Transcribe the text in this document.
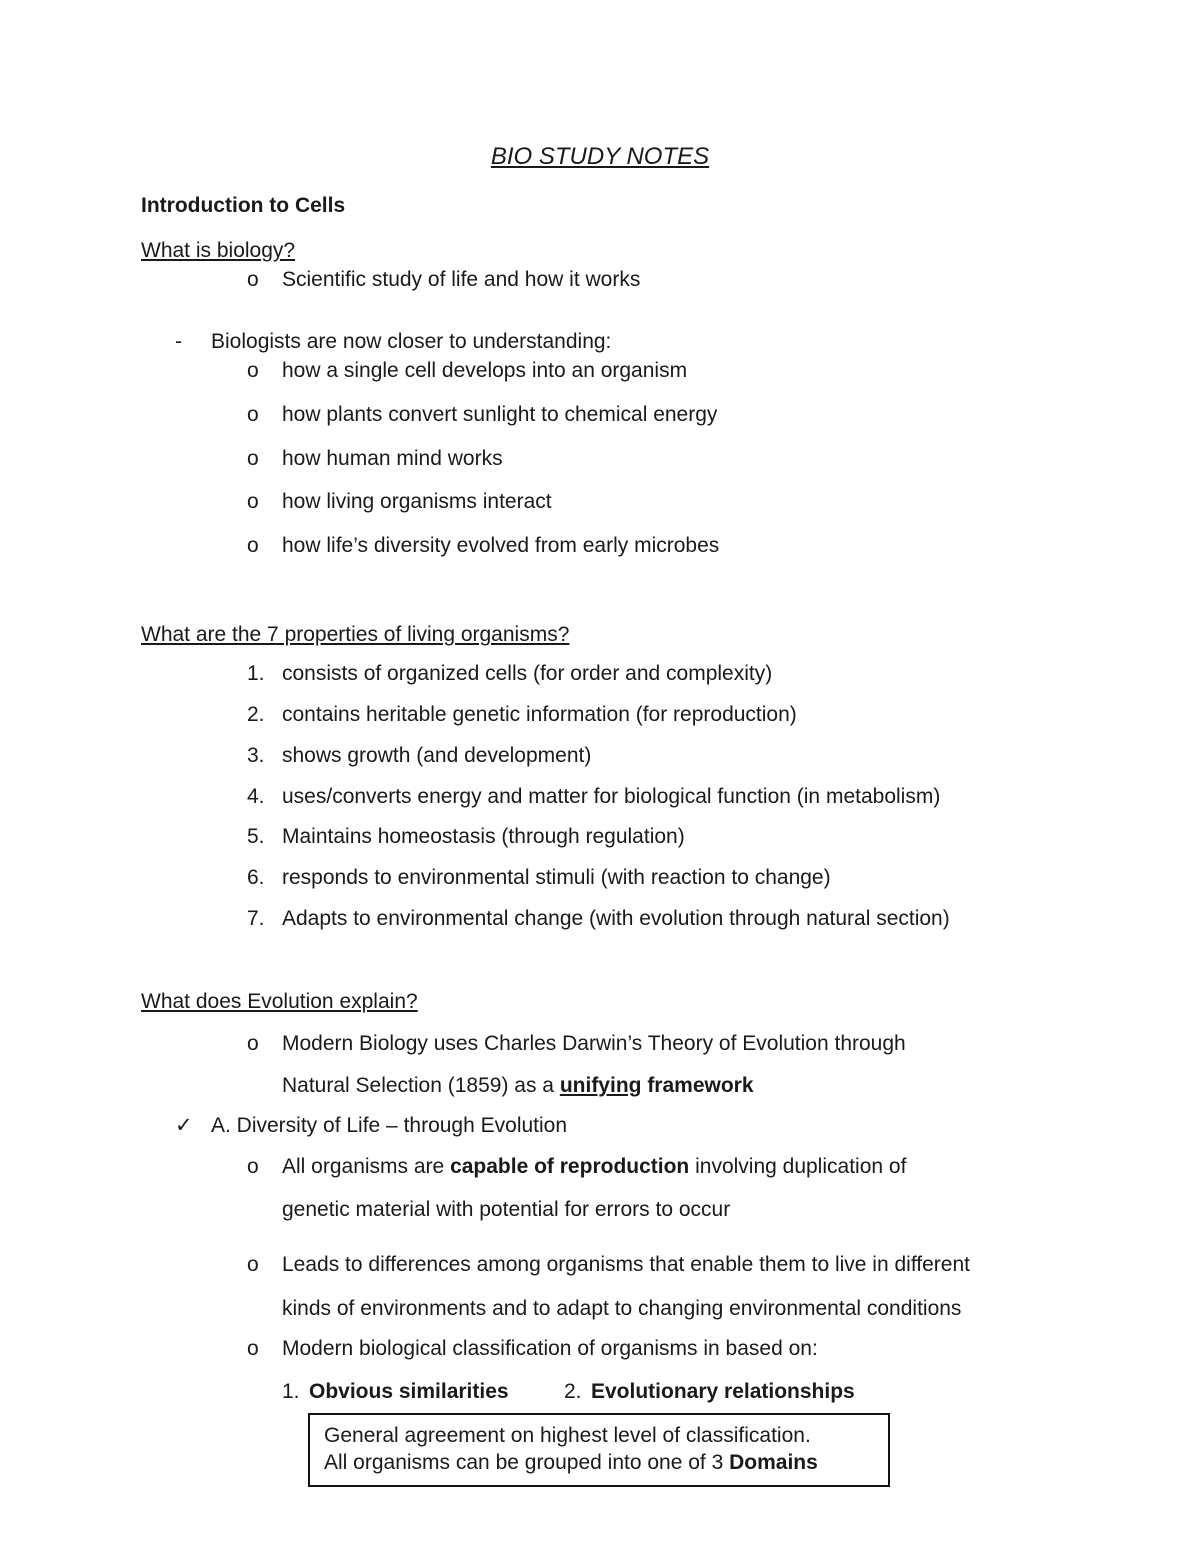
BIO STUDY NOTES
Introduction to Cells
What is biology?
o Scientific study of life and how it works
- Biologists are now closer to understanding:
o how a single cell develops into an organism
o how plants convert sunlight to chemical energy
o how human mind works
o how living organisms interact
o how life’s diversity evolved from early microbes
What are the 7 properties of living organisms?
1. consists of organized cells (for order and complexity)
2. contains heritable genetic information (for reproduction)
3. shows growth (and development)
4. uses/converts energy and matter for biological function (in metabolism)
5. Maintains homeostasis (through regulation)
6. responds to environmental stimuli (with reaction to change)
7. Adapts to environmental change (with evolution through natural section)
What does Evolution explain?
o Modern Biology uses Charles Darwin’s Theory of Evolution through
Natural Selection (1859) as a unifying framework
✓ A. Diversity of Life – through Evolution
o All organisms are capable of reproduction involving duplication of
genetic material with potential for errors to occur
o Leads to differences among organisms that enable them to live in different
kinds of environments and to adapt to changing environmental conditions
o Modern biological classification of organisms in based on:
1. Obvious similarities	2. Evolutionary relationships
General agreement on highest level of classification.
All organisms can be grouped into one of 3 Domains
